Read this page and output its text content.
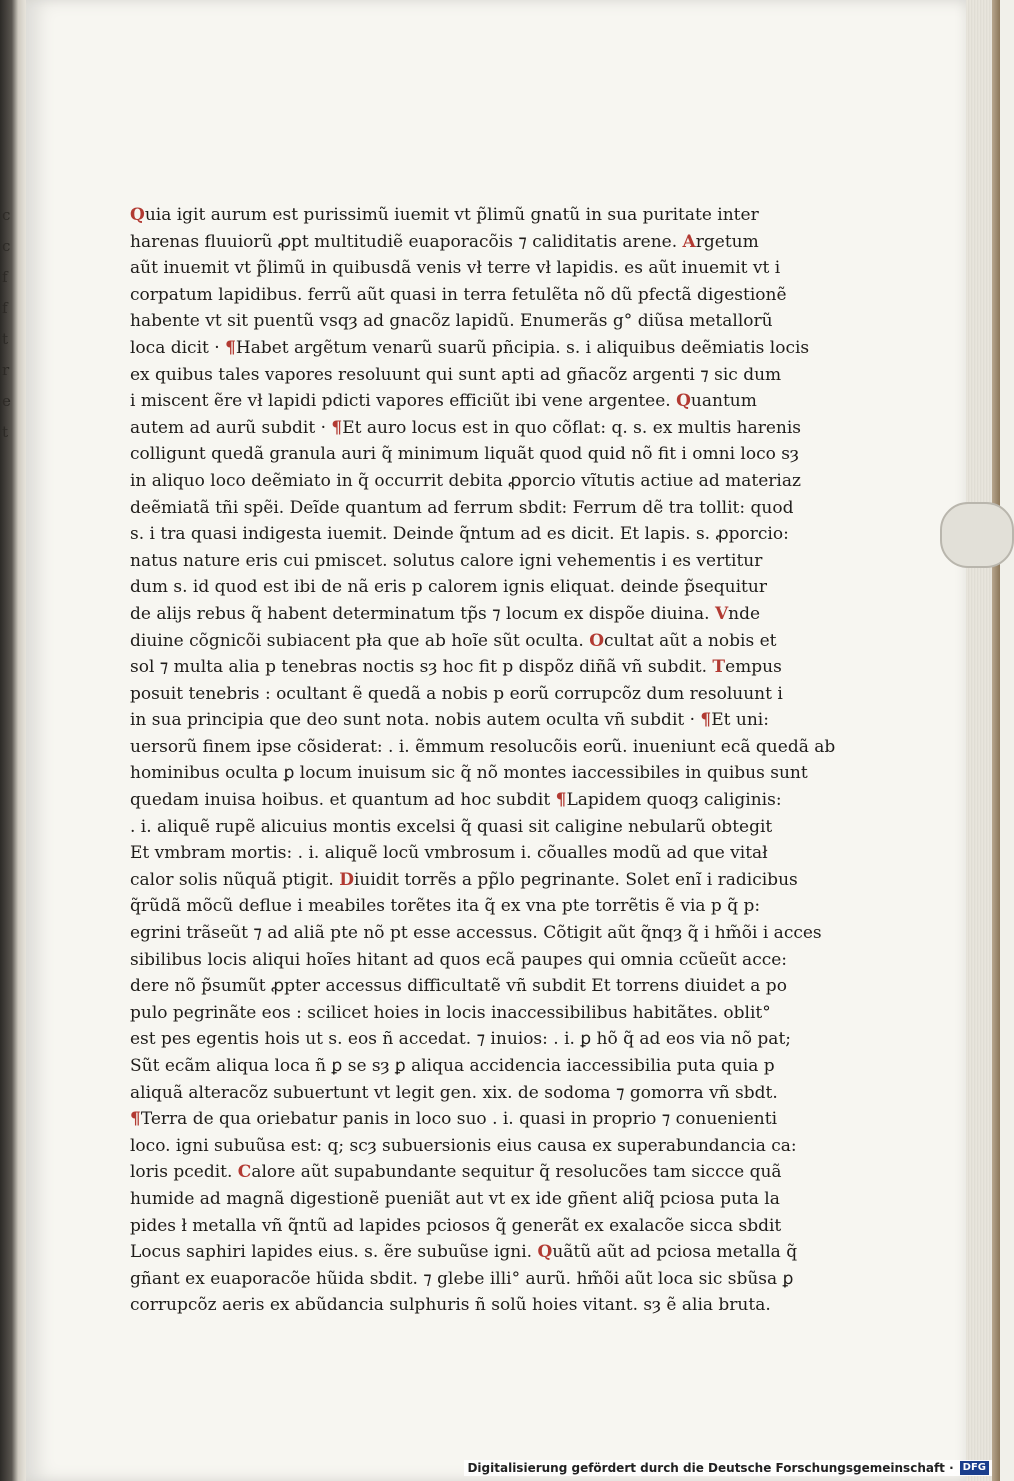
c
c
f
f
t
r
e
t
Quia igit aurum est purissimũ iuemit vt p̃limũ gnatũ in sua puritate inter
harenas fluuiorũ ꝓpt multitudiẽ euaporacõis ⁊ caliditatis arene. Argetum
aũt inuemit vt p̃limũ in quibusdã venis vł terre vł lapidis. es aũt inuemit vt i
corpatum lapidibus. ferrũ aũt quasi in terra fetulẽta nõ dũ pfectã digestionẽ
habente vt sit puentũ vsqȝ ad gnacõz lapidũ. Enumerãs g° diũsa metallorũ
loca dicit · ¶Habet argẽtum venarũ suarũ pñcipia. s. i aliquibus deẽmiatis locis
ex quibus tales vapores resoluunt qui sunt apti ad gñacõz argenti ⁊ sic dum
i miscent ẽre vł lapidi pdicti vapores efficiũt ibi vene argentee. Quantum
autem ad aurũ subdit · ¶Et auro locus est in quo cõflat: q. s. ex multis harenis
colligunt quedã granula auri q̃ minimum liquãt quod quid nõ fit i omni loco sȝ
in aliquo loco deẽmiato in q̃ occurrit debita ꝓporcio vĩtutis actiue ad materiaz
deẽmiatã tñi spẽi. Deĩde quantum ad ferrum sbdit: Ferrum dẽ tra tollit: quod
s. i tra quasi indigesta iuemit. Deinde q̃ntum ad es dicit. Et lapis. s. ꝓporcio:
natus nature eris cui pmiscet. solutus calore igni vehementis i es vertitur
dum s. id quod est ibi de nã eris p calorem ignis eliquat. deinde p̃sequitur
de alijs rebus q̃ habent determinatum tp̃s ⁊ locum ex dispõe diuina. Vnde
diuine cõgnicõi subiacent pła que ab hoĩe sũt oculta. Ocultat aũt a nobis et
sol ⁊ multa alia p tenebras noctis sȝ hoc fit p dispõz diñã vñ subdit. Tempus
posuit tenebris : ocultant ẽ quedã a nobis p eorũ corrupcõz dum resoluunt i
in sua principia que deo sunt nota. nobis autem oculta vñ subdit · ¶Et uni:
uersorũ finem ipse cõsiderat: . i. ẽmmum resolucõis eorũ. inueniunt ecã quedã ab
hominibus oculta ꝑ locum inuisum sic q̃ nõ montes iaccessibiles in quibus sunt
quedam inuisa hoibus. et quantum ad hoc subdit ¶Lapidem quoqȝ caliginis:
. i. aliquẽ rupẽ alicuius montis excelsi q̃ quasi sit caligine nebularũ obtegit
Et vmbram mortis: . i. aliquẽ locũ vmbrosum i. cõualles modũ ad que vitał
calor solis nũquã ptigit. Diuidit torrẽs a pp̃lo pegrinante. Solet enĩ i radicibus
q̃rũdã mõcũ deflue i meabiles torẽtes ita q̃ ex vna pte torrẽtis ẽ via p q̃ p:
egrini trãseũt ⁊ ad aliã pte nõ pt esse accessus. Cõtigit aũt q̃nqȝ q̃ i hm̃õi i acces
sibilibus locis aliqui hoĩes hitant ad quos ecã paupes qui omnia ccũeũt acce:
dere nõ p̃sumũt ꝓpter accessus difficultatẽ vñ subdit Et torrens diuidet a po
pulo pegrinãte eos : scilicet hoies in locis inaccessibilibus habitãtes. oblit°
est pes egentis hois ut s. eos ñ accedat. ⁊ inuios: . i. ꝑ hõ q̃ ad eos via nõ pat;
Sũt ecãm aliqua loca ñ ꝑ se sȝ ꝑ aliqua accidencia iaccessibilia puta quia p
aliquã alteracõz subuertunt vt legit gen. xix. de sodoma ⁊ gomorra vñ sbdt.
¶Terra de qua oriebatur panis in loco suo . i. quasi in proprio ⁊ conuenienti
loco. igni subuũsa est: q; scȝ subuersionis eius causa ex superabundancia ca:
loris pcedit. Calore aũt supabundante sequitur q̃ resolucões tam siccce quã
humide ad magnã digestionẽ pueniãt aut vt ex ide gñent aliq̃ pciosa puta la
pides ł metalla vñ q̃ntũ ad lapides pciosos q̃ generãt ex exalacõe sicca sbdit
Locus saphiri lapides eius. s. ẽre subuũse igni. Quãtũ aũt ad pciosa metalla q̃
gñant ex euaporacõe hũida sbdit. ⁊ glebe illi° aurũ. hm̃õi aũt loca sic sbũsa ꝑ
corrupcõz aeris ex abũdancia sulphuris ñ solũ hoies vitant. sȝ ẽ alia bruta.
Digitalisierung gefördert durch die Deutsche Forschungsgemeinschaft · DFG
